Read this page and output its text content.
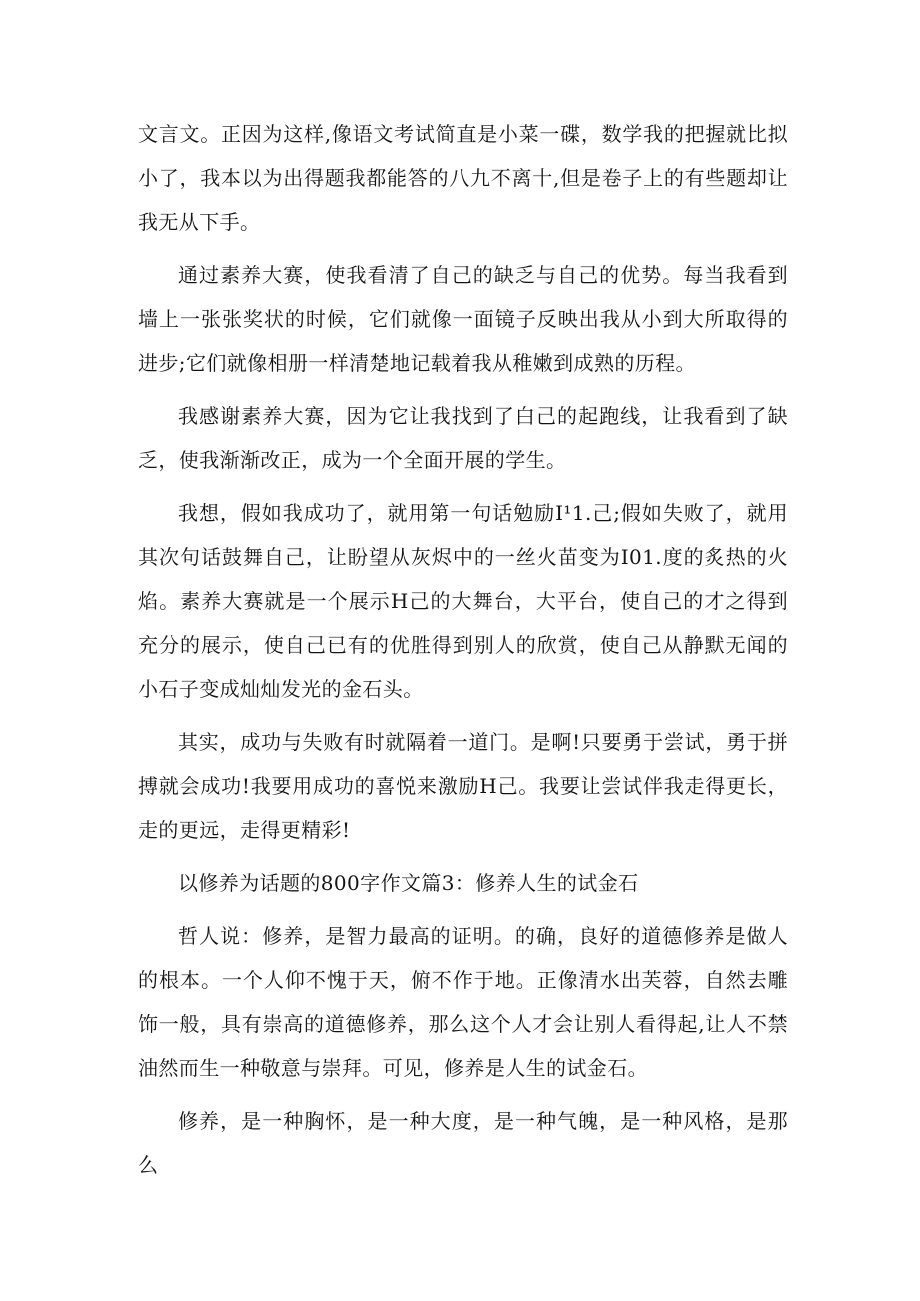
文言文。正因为这样,像语文考试简直是小菜一碟，数学我的把握就比拟小了，我本以为出得题我都能答的八九不离十,但是卷子上的有些题却让我无从下手。

通过素养大赛，使我看清了自己的缺乏与自己的优势。每当我看到墙上一张张奖状的时候，它们就像一面镜子反映出我从小到大所取得的进步;它们就像相册一样清楚地记载着我从稚嫩到成熟的历程。

我感谢素养大赛，因为它让我找到了白己的起跑线，让我看到了缺乏，使我渐渐改正，成为一个全面开展的学生。

我想，假如我成功了，就用第一句话勉励I¹1.己;假如失败了，就用其次句话鼓舞自己，让盼望从灰烬中的一丝火苗变为I01.度的炙热的火焰。素养大赛就是一个展示H己的大舞台，大平台，使自己的才之得到充分的展示，使自己已有的优胜得到别人的欣赏，使自己从静默无闻的小石子变成灿灿发光的金石头。

其实，成功与失败有时就隔着一道门。是啊!只要勇于尝试，勇于拼搏就会成功!我要用成功的喜悦来激励H己。我要让尝试伴我走得更长，走的更远，走得更精彩!

以修养为话题的800字作文篇3：修养人生的试金石

哲人说：修养，是智力最高的证明。的确，良好的道德修养是做人的根本。一个人仰不愧于天，俯不作于地。正像清水出芙蓉，自然去雕饰一般，具有崇高的道德修养，那么这个人才会让别人看得起,让人不禁油然而生一种敬意与崇拜。可见，修养是人生的试金石。

修养，是一种胸怀，是一种大度，是一种气魄，是一种风格，是那么
